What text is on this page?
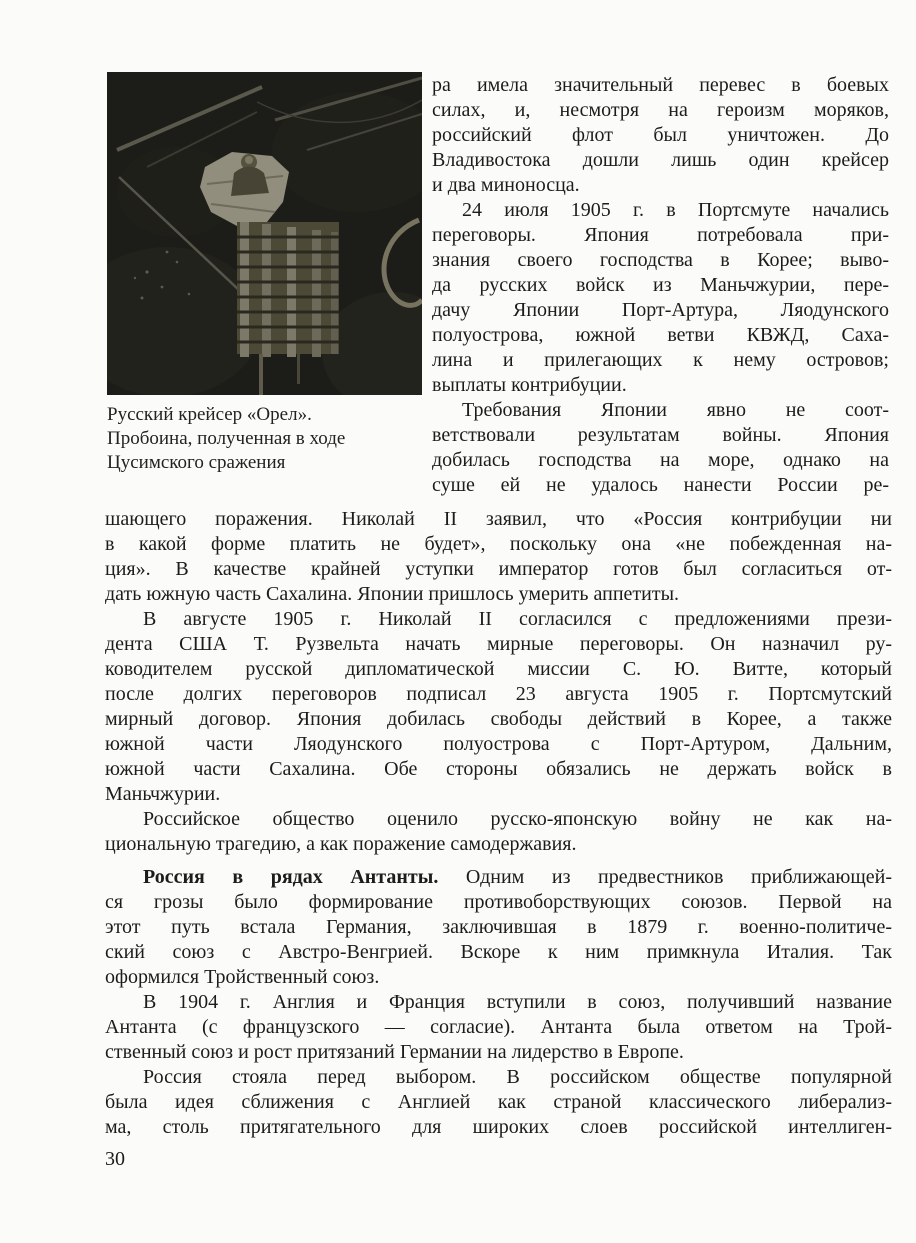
Русский крейсер «Орел».
Пробоина, полученная в ходе
Цусимского сражения
ра имела значительный перевес в боевых
силах, и, несмотря на героизм моряков,
российский флот был уничтожен. До
Владивостока дошли лишь один крейсер
и два миноносца.
24 июля 1905 г. в Портсмуте начались
переговоры. Япония потребовала при-
знания своего господства в Корее; выво-
да русских войск из Маньчжурии, пере-
дачу Японии Порт-Артура, Ляодунского
полуострова, южной ветви КВЖД, Саха-
лина и прилегающих к нему островов;
выплаты контрибуции.
Требования Японии явно не соот-
ветствовали результатам войны. Япония
добилась господства на море, однако на
суше ей не удалось нанести России ре-
шающего поражения. Николай II заявил, что «Россия контрибуции ни
в какой форме платить не будет», поскольку она «не побежденная на-
ция». В качестве крайней уступки император готов был согласиться от-
дать южную часть Сахалина. Японии пришлось умерить аппетиты.
В августе 1905 г. Николай II согласился с предложениями прези-
дента США Т. Рузвельта начать мирные переговоры. Он назначил ру-
ководителем русской дипломатической миссии С. Ю. Витте, который
после долгих переговоров подписал 23 августа 1905 г. Портсмутский
мирный договор. Япония добилась свободы действий в Корее, а также
южной части Ляодунского полуострова с Порт-Артуром, Дальним,
южной части Сахалина. Обе стороны обязались не держать войск в
Маньчжурии.
Российское общество оценило русско-японскую войну не как на-
циональную трагедию, а как поражение самодержавия.
Россия в рядах Антанты. Одним из предвестников приближающей-
ся грозы было формирование противоборствующих союзов. Первой на
этот путь встала Германия, заключившая в 1879 г. военно-политиче-
ский союз с Австро-Венгрией. Вскоре к ним примкнула Италия. Так
оформился Тройственный союз.
В 1904 г. Англия и Франция вступили в союз, получивший название
Антанта (с французского — согласие). Антанта была ответом на Трой-
ственный союз и рост притязаний Германии на лидерство в Европе.
Россия стояла перед выбором. В российском обществе популярной
была идея сближения с Англией как страной классического либерализ-
ма, столь притягательного для широких слоев российской интеллиген-
30
